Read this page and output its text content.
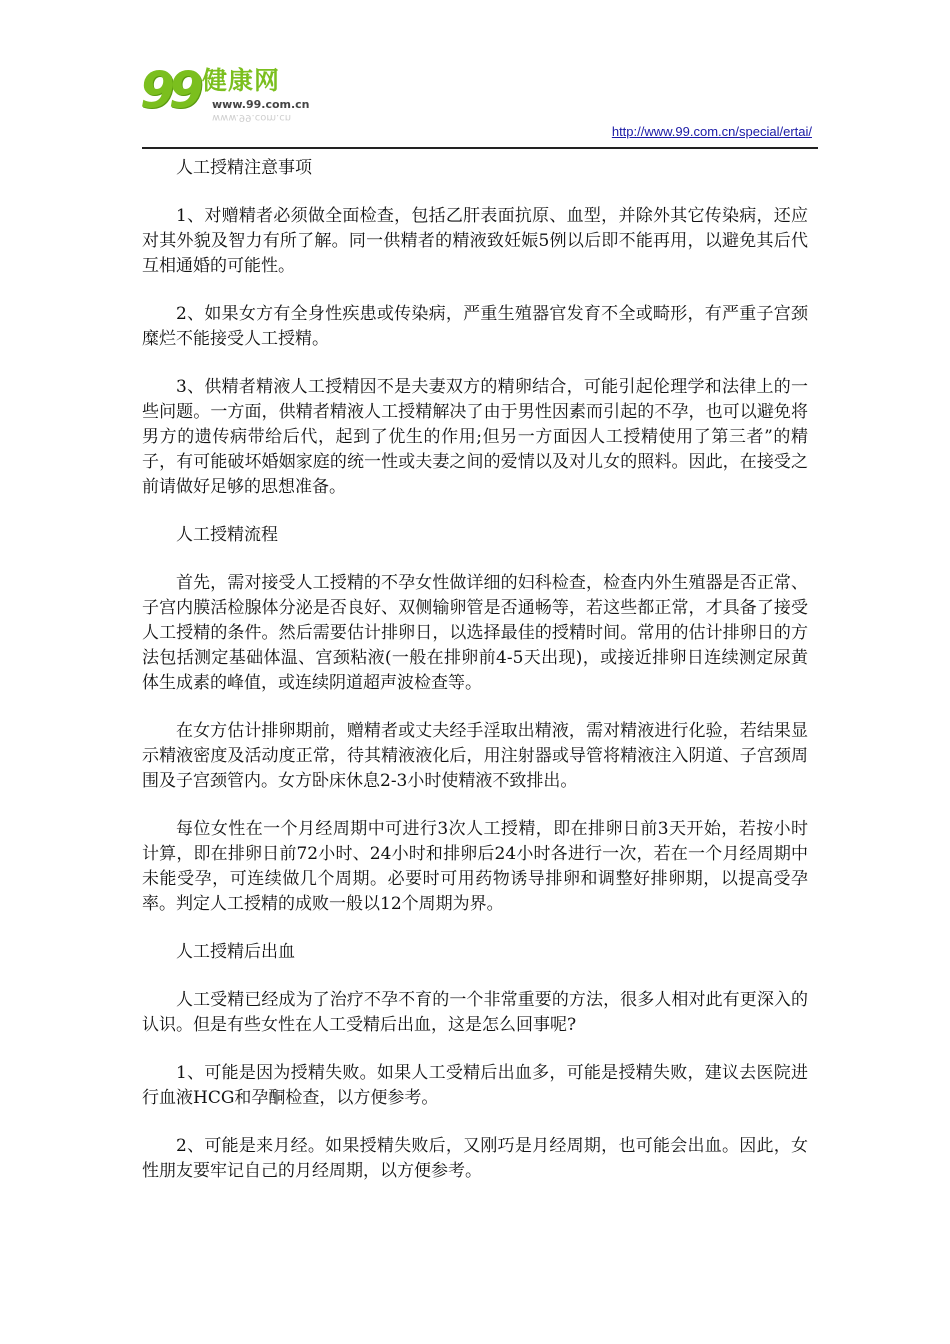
99 健康网
www.99.com.cn
www.99.com.cn
http://www.99.com.cn/special/ertai/

人工授精注意事项

1、对赠精者必须做全面检查，包括乙肝表面抗原、血型，并除外其它传染病，还应对其外貌及智力有所了解。同一供精者的精液致妊娠5例以后即不能再用，以避免其后代互相通婚的可能性。

2、如果女方有全身性疾患或传染病，严重生殖器官发育不全或畸形，有严重子宫颈糜烂不能接受人工授精。

3、供精者精液人工授精因不是夫妻双方的精卵结合，可能引起伦理学和法律上的一些问题。一方面，供精者精液人工授精解决了由于男性因素而引起的不孕，也可以避免将男方的遗传病带给后代，起到了优生的作用;但另一方面因人工授精使用了第三者”的精子，有可能破坏婚姻家庭的统一性或夫妻之间的爱情以及对儿女的照料。因此，在接受之前请做好足够的思想准备。

人工授精流程

首先，需对接受人工授精的不孕女性做详细的妇科检查，检查内外生殖器是否正常、子宫内膜活检腺体分泌是否良好、双侧输卵管是否通畅等，若这些都正常，才具备了接受人工授精的条件。然后需要估计排卵日，以选择最佳的授精时间。常用的估计排卵日的方法包括测定基础体温、宫颈粘液(一般在排卵前4-5天出现)，或接近排卵日连续测定尿黄体生成素的峰值，或连续阴道超声波检查等。

在女方估计排卵期前，赠精者或丈夫经手淫取出精液，需对精液进行化验，若结果显示精液密度及活动度正常，待其精液液化后，用注射器或导管将精液注入阴道、子宫颈周围及子宫颈管内。女方卧床休息2-3小时使精液不致排出。

每位女性在一个月经周期中可进行3次人工授精，即在排卵日前3天开始，若按小时计算，即在排卵日前72小时、24小时和排卵后24小时各进行一次，若在一个月经周期中未能受孕，可连续做几个周期。必要时可用药物诱导排卵和调整好排卵期，以提高受孕率。判定人工授精的成败一般以12个周期为界。

人工授精后出血

人工受精已经成为了治疗不孕不育的一个非常重要的方法，很多人相对此有更深入的认识。但是有些女性在人工受精后出血，这是怎么回事呢?

1、可能是因为授精失败。如果人工受精后出血多，可能是授精失败，建议去医院进行血液HCG和孕酮检查，以方便参考。

2、可能是来月经。如果授精失败后，又刚巧是月经周期，也可能会出血。因此，女性朋友要牢记自己的月经周期，以方便参考。
